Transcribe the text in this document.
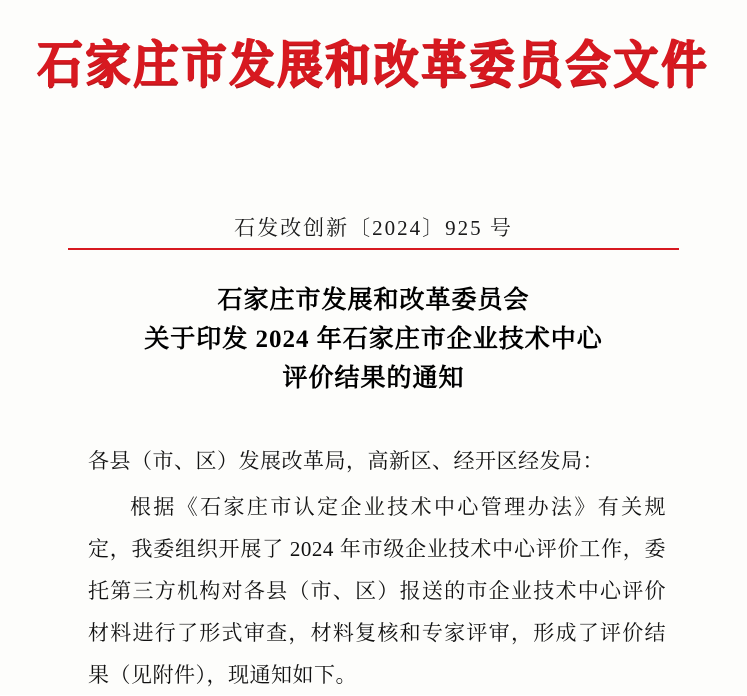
石家庄市发展和改革委员会文件
石发改创新〔2024〕925 号
石家庄市发展和改革委员会
关于印发 2024 年石家庄市企业技术中心
评价结果的通知

各县（市、区）发展改革局，高新区、经开区经发局：

根据《石家庄市认定企业技术中心管理办法》有关规定，我委组织开展了 2024 年市级企业技术中心评价工作，委托第三方机构对各县（市、区）报送的市企业技术中心评价材料进行了形式审查，材料复核和专家评审，形成了评价结果（见附件），现通知如下。
